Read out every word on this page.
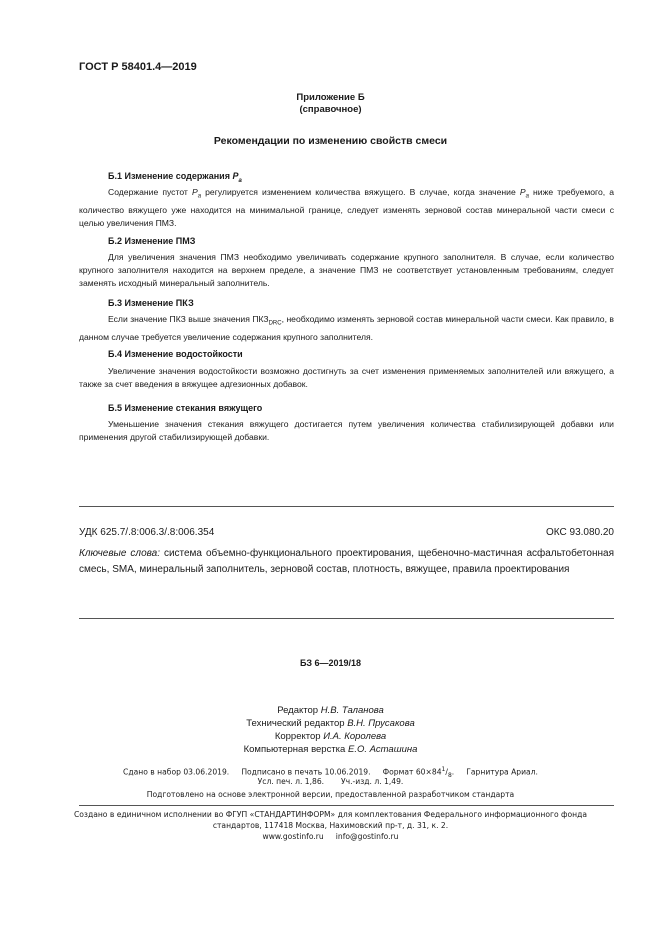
ГОСТ Р 58401.4—2019
Приложение Б
(справочное)
Рекомендации по изменению свойств смеси
Б.1 Изменение содержания $P_a$
Содержание пустот $P_a$ регулируется изменением количества вяжущего. В случае, когда значение $P_a$ ниже требуемого, а количество вяжущего уже находится на минимальной границе, следует изменять зерновой состав минеральной части смеси с целью увеличения ПМЗ.
Б.2 Изменение ПМЗ
Для увеличения значения ПМЗ необходимо увеличивать содержание крупного заполнителя. В случае, если количество крупного заполнителя находится на верхнем пределе, а значение ПМЗ не соответствует установленным требованиям, следует заменять исходный минеральный заполнитель.
Б.3 Изменение ПКЗ
Если значение ПКЗ выше значения $ПКЗ_{DRC}$, необходимо изменять зерновой состав минеральной части смеси. Как правило, в данном случае требуется увеличение содержания крупного заполнителя.
Б.4 Изменение водостойкости
Увеличение значения водостойкости возможно достигнуть за счет изменения применяемых заполнителей или вяжущего, а также за счет введения в вяжущее адгезионных добавок.
Б.5 Изменение стекания вяжущего
Уменьшение значения стекания вяжущего достигается путем увеличения количества стабилизирующей добавки или применения другой стабилизирующей добавки.
УДК 625.7/.8:006.3/.8:006.354	ОКС 93.080.20
Ключевые слова: система объемно-функционального проектирования, щебеночно-мастичная асфальтобетонная смесь, SMA, минеральный заполнитель, зерновой состав, плотность, вяжущее, правила проектирования
БЗ 6—2019/18
Редактор Н.В. Таланова
Технический редактор В.Н. Прусакова
Корректор И.А. Королева
Компьютерная верстка Е.О. Асташина
Сдано в набор 03.06.2019. Подписано в печать 10.06.2019. Формат $60\times 84^1/_8$. Гарнитура Ариал.
Усл. печ. л. 1,86. Уч.-изд. л. 1,49.
Подготовлено на основе электронной версии, предоставленной разработчиком стандарта
Создано в единичном исполнении во ФГУП «СТАНДАРТИНФОРМ» для комплектования Федерального информационного фонда
стандартов, 117418 Москва, Нахимовский пр-т, д. 31, к. 2.
www.gostinfo.ru info@gostinfo.ru
